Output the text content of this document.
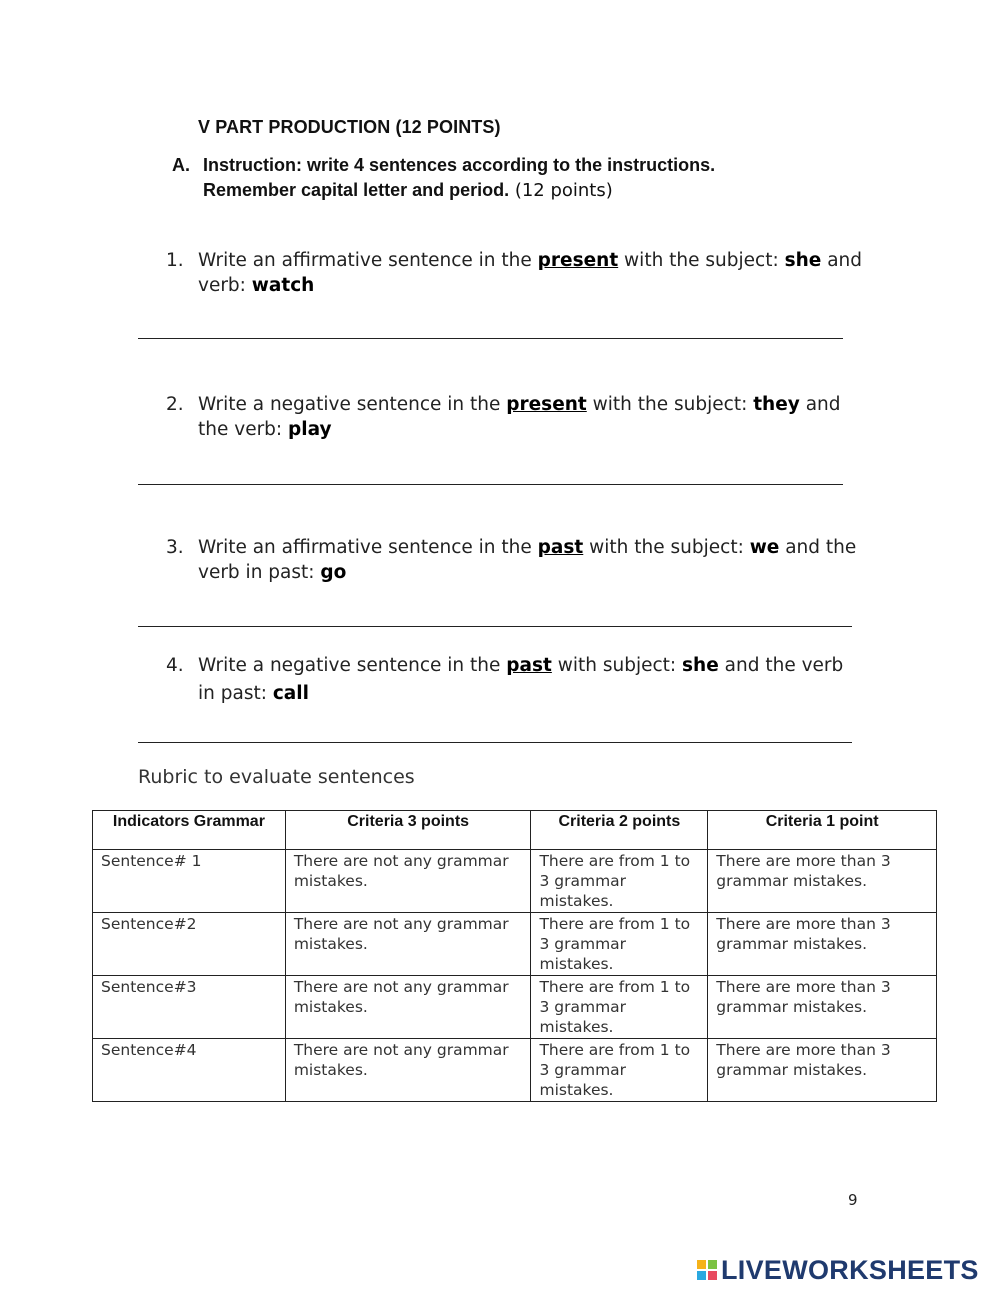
V PART PRODUCTION (12 POINTS)
A. Instruction: write 4 sentences according to the instructions.
Remember capital letter and period. (12 points)
1. Write an affirmative sentence in the present with the subject: she and
verb: watch
2. Write a negative sentence in the present with the subject: they and
the verb: play
3. Write an affirmative sentence in the past with the subject: we and the
verb in past: go
4. Write a negative sentence in the past with subject: she and the verb
in past: call
Rubric to evaluate sentences
Indicators Grammar	Criteria 3 points	Criteria 2 points	Criteria 1 point
Sentence# 1	There are not any grammar mistakes.	There are from 1 to 3 grammar mistakes.	There are more than 3 grammar mistakes.
Sentence#2	There are not any grammar mistakes.	There are from 1 to 3 grammar mistakes.	There are more than 3 grammar mistakes.
Sentence#3	There are not any grammar mistakes.	There are from 1 to 3 grammar mistakes.	There are more than 3 grammar mistakes.
Sentence#4	There are not any grammar mistakes.	There are from 1 to 3 grammar mistakes.	There are more than 3 grammar mistakes.
9
LIVEWORKSHEETS
